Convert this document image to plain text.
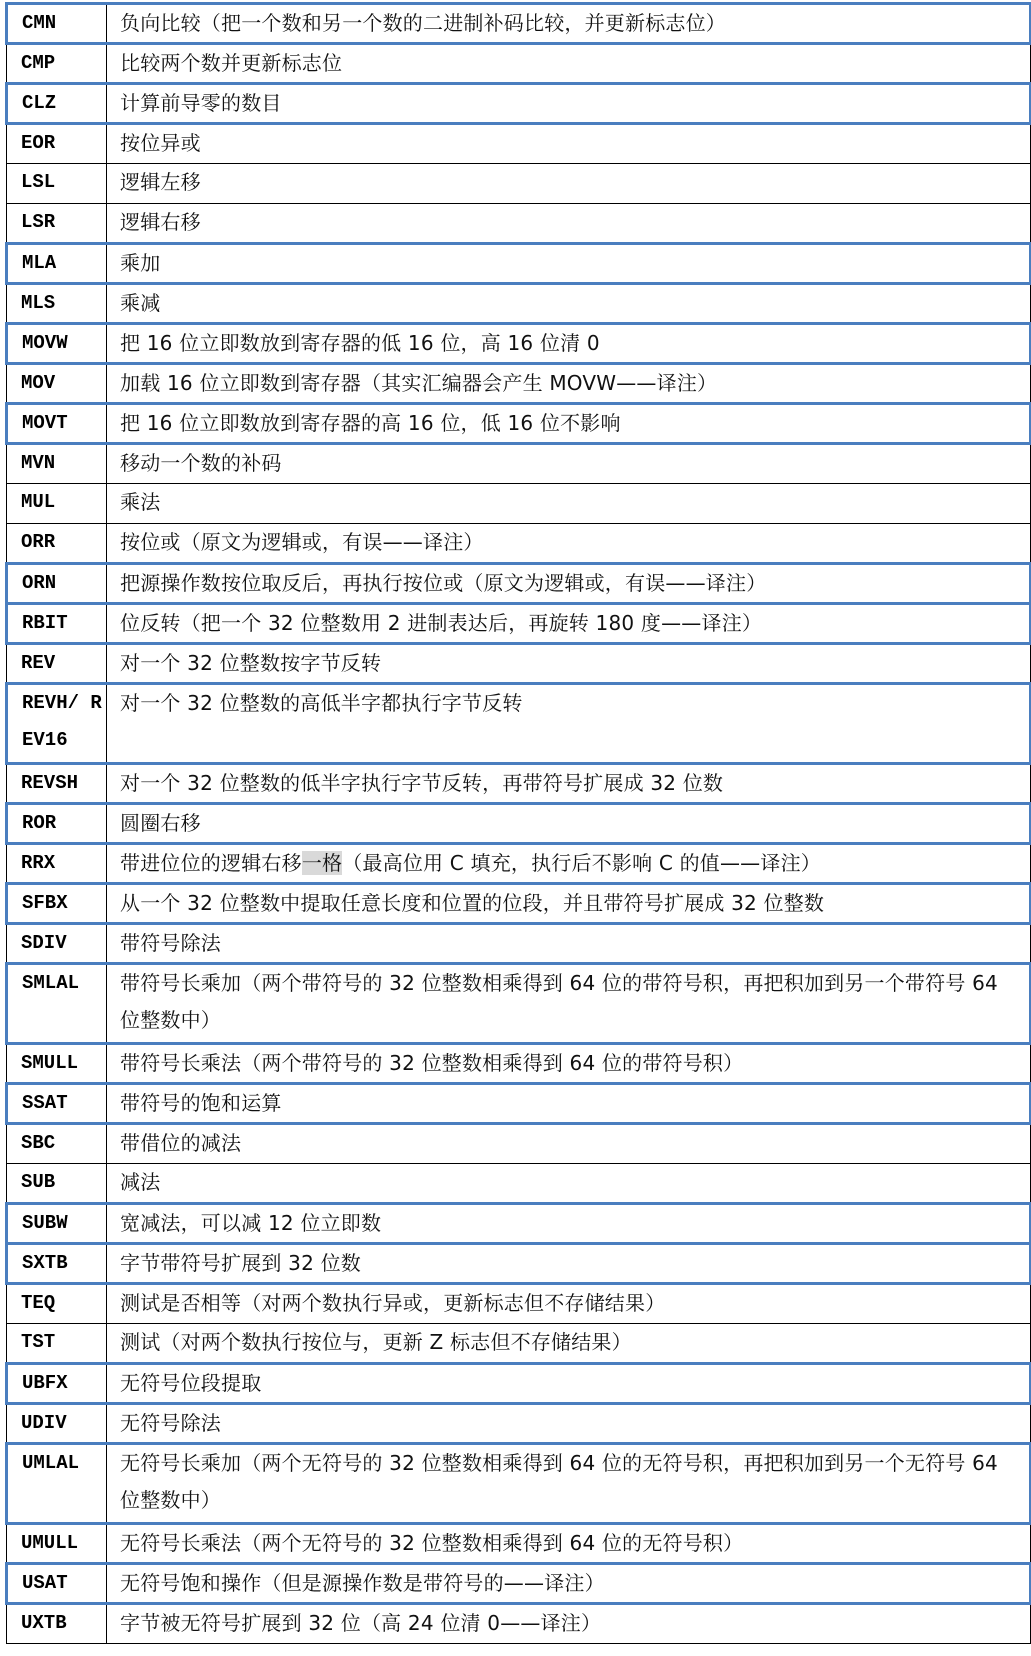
CMN	负向比较（把一个数和另一个数的二进制补码比较，并更新标志位）
CMP	比较两个数并更新标志位
CLZ	计算前导零的数目
EOR	按位异或
LSL	逻辑左移
LSR	逻辑右移
MLA	乘加
MLS	乘减
MOVW	把 16 位立即数放到寄存器的低 16 位，高 16 位清 0
MOV	加载 16 位立即数到寄存器（其实汇编器会产生 MOVW——译注）
MOVT	把 16 位立即数放到寄存器的高 16 位，低 16 位不影响
MVN	移动一个数的补码
MUL	乘法
ORR	按位或（原文为逻辑或，有误——译注）
ORN	把源操作数按位取反后，再执行按位或（原文为逻辑或，有误——译注）
RBIT	位反转（把一个 32 位整数用 2 进制表达后，再旋转 180 度——译注）
REV	对一个 32 位整数按字节反转
REVH/ REV16	对一个 32 位整数的高低半字都执行字节反转
REVSH	对一个 32 位整数的低半字执行字节反转，再带符号扩展成 32 位数
ROR	圆圈右移
RRX	带进位位的逻辑右移一格（最高位用 C 填充，执行后不影响 C 的值——译注）
SFBX	从一个 32 位整数中提取任意长度和位置的位段，并且带符号扩展成 32 位整数
SDIV	带符号除法
SMLAL	带符号长乘加（两个带符号的 32 位整数相乘得到 64 位的带符号积，再把积加到另一个带符号 64 位整数中）
SMULL	带符号长乘法（两个带符号的 32 位整数相乘得到 64 位的带符号积）
SSAT	带符号的饱和运算
SBC	带借位的减法
SUB	减法
SUBW	宽减法，可以减 12 位立即数
SXTB	字节带符号扩展到 32 位数
TEQ	测试是否相等（对两个数执行异或，更新标志但不存储结果）
TST	测试（对两个数执行按位与，更新 Z 标志但不存储结果）
UBFX	无符号位段提取
UDIV	无符号除法
UMLAL	无符号长乘加（两个无符号的 32 位整数相乘得到 64 位的无符号积，再把积加到另一个无符号 64 位整数中）
UMULL	无符号长乘法（两个无符号的 32 位整数相乘得到 64 位的无符号积）
USAT	无符号饱和操作（但是源操作数是带符号的——译注）
UXTB	字节被无符号扩展到 32 位（高 24 位清 0——译注）
